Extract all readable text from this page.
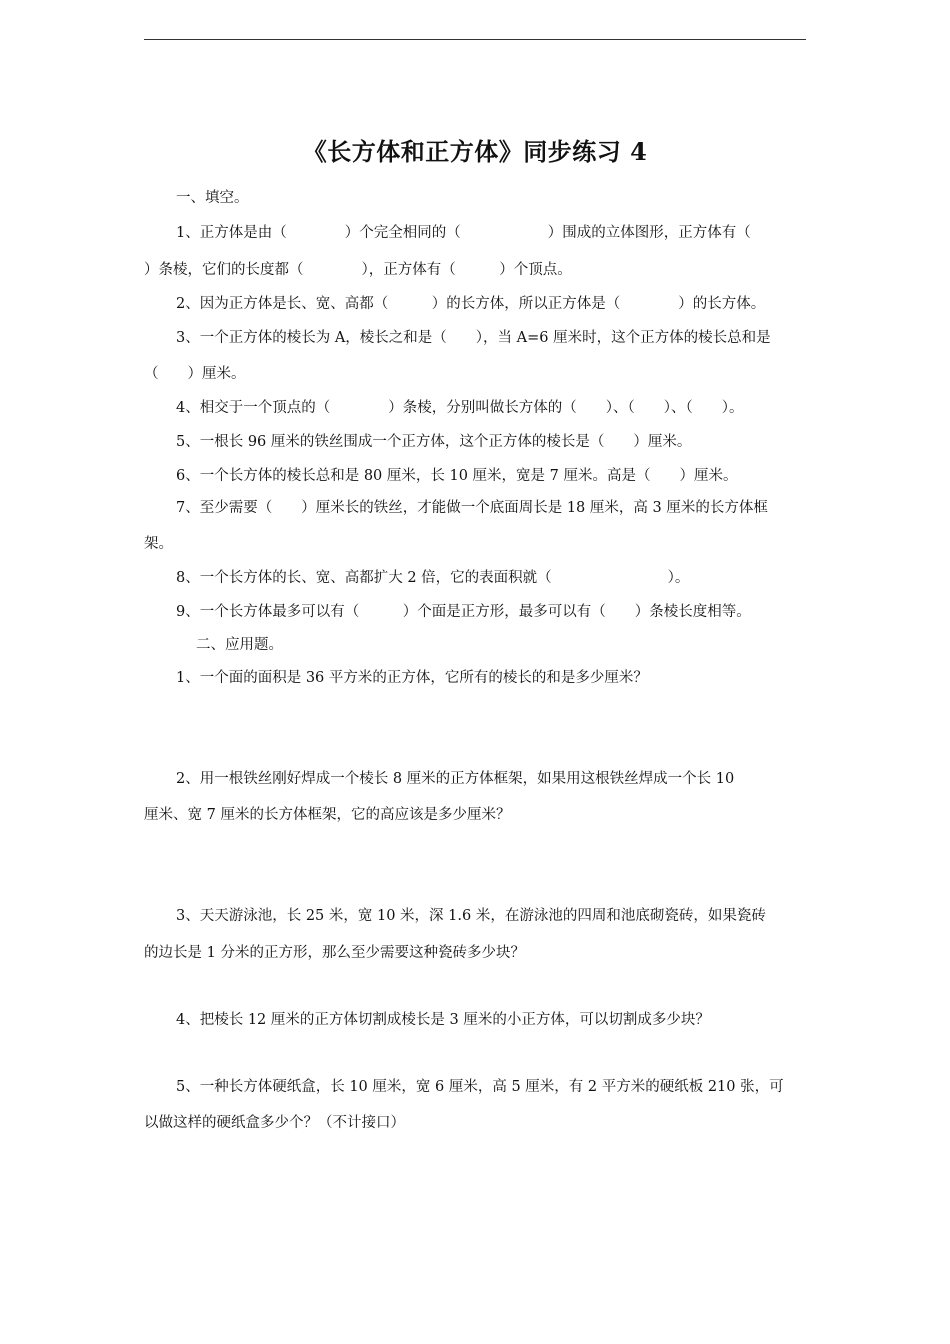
《长方体和正方体》同步练习 4
一、填空。
1、正方体是由（　　　　）个完全相同的（　　　　　　）围成的立体图形，正方体有（
）条棱，它们的长度都（　　　　），正方体有（　　　）个顶点。
2、因为正方体是长、宽、高都（　　　）的长方体，所以正方体是（　　　　）的长方体。
3、一个正方体的棱长为 A，棱长之和是（　　），当 A=6 厘米时，这个正方体的棱长总和是
（　　）厘米。
4、相交于一个顶点的（　　　　）条棱，分别叫做长方体的（　　）、（　　）、（　　）。
5、一根长 96 厘米的铁丝围成一个正方体，这个正方体的棱长是（　　）厘米。
6、一个长方体的棱长总和是 80 厘米，长 10 厘米，宽是 7 厘米。高是（　　）厘米。
7、至少需要（　　）厘米长的铁丝，才能做一个底面周长是 18 厘米，高 3 厘米的长方体框
架。
8、一个长方体的长、宽、高都扩大 2 倍，它的表面积就（　　　　　　　　）。
9、一个长方体最多可以有（　　　）个面是正方形，最多可以有（　　）条棱长度相等。
二、应用题。
1、一个面的面积是 36 平方米的正方体，它所有的棱长的和是多少厘米？
2、用一根铁丝刚好焊成一个棱长 8 厘米的正方体框架，如果用这根铁丝焊成一个长 10
厘米、宽 7 厘米的长方体框架，它的高应该是多少厘米？
3、天天游泳池，长 25 米，宽 10 米，深 1.6 米，在游泳池的四周和池底砌瓷砖，如果瓷砖
的边长是 1 分米的正方形，那么至少需要这种瓷砖多少块？
4、把棱长 12 厘米的正方体切割成棱长是 3 厘米的小正方体，可以切割成多少块？
5、一种长方体硬纸盒，长 10 厘米，宽 6 厘米，高 5 厘米，有 2 平方米的硬纸板 210 张，可
以做这样的硬纸盒多少个？（不计接口）
